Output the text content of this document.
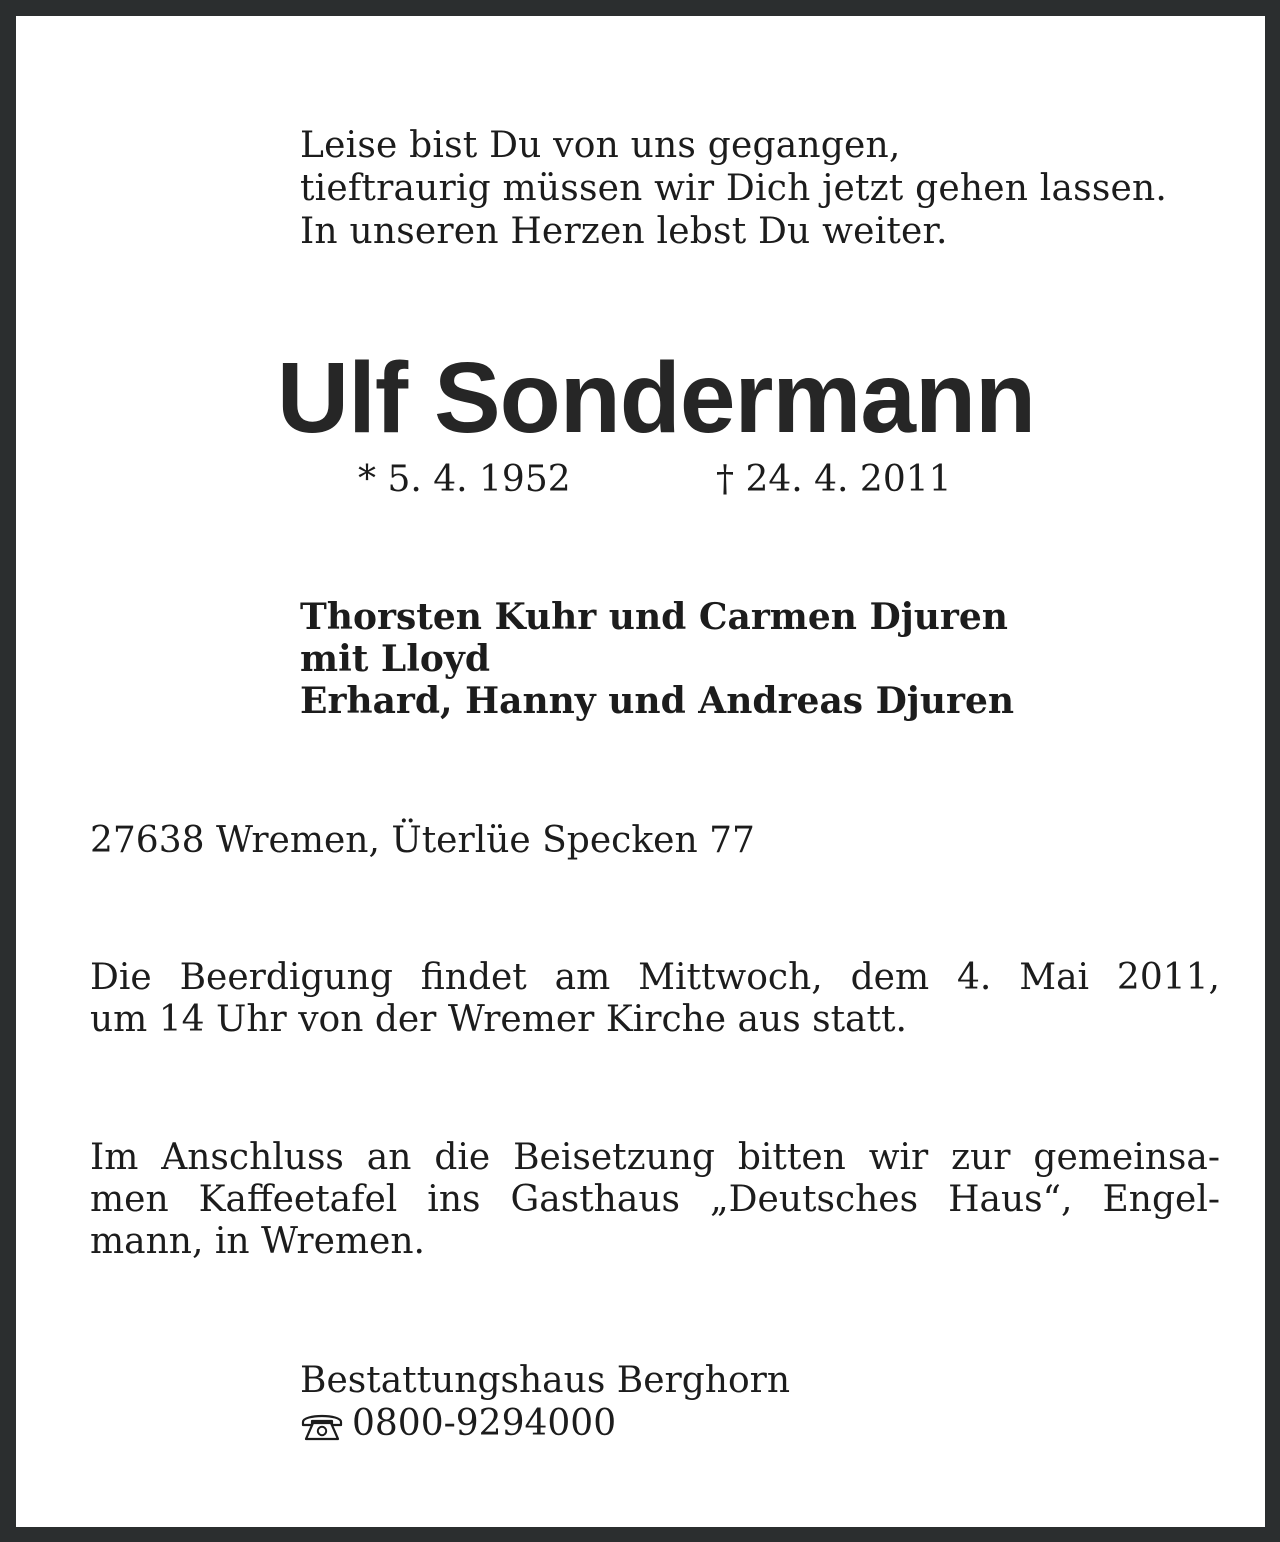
Leise bist Du von uns gegangen,
tieftraurig müssen wir Dich jetzt gehen lassen.
In unseren Herzen lebst Du weiter.
Ulf Sondermann
* 5. 4. 1952	† 24. 4. 2011
Thorsten Kuhr und Carmen Djuren
mit Lloyd
Erhard, Hanny und Andreas Djuren
27638 Wremen, Üterlüe Specken 77
Die Beerdigung findet am Mittwoch, dem 4. Mai 2011,
um 14 Uhr von der Wremer Kirche aus statt.
Im Anschluss an die Beisetzung bitten wir zur gemeinsa-
men Kaffeetafel ins Gasthaus „Deutsches Haus“, Engel-
mann, in Wremen.
Bestattungshaus Berghorn
0800-9294000
